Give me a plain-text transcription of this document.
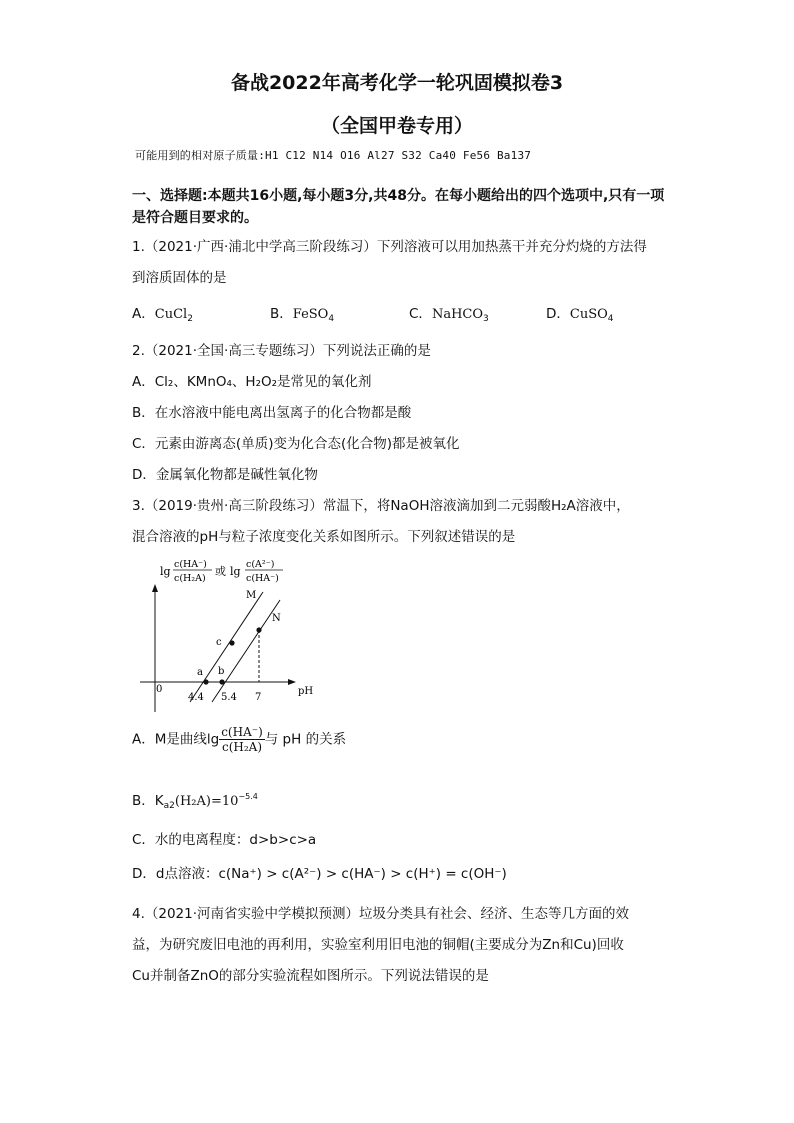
备战2022年高考化学一轮巩固模拟卷3
（全国甲卷专用）
可能用到的相对原子质量:H1 C12 N14 O16 Al27 S32 Ca40 Fe56 Ba137
一、选择题:本题共16小题,每小题3分,共48分。在每小题给出的四个选项中,只有一项是符合题目要求的。
1.（2021·广西·浦北中学高三阶段练习）下列溶液可以用加热蒸干并充分灼烧的方法得
到溶质固体的是
A．CuCl$_2$	B．FeSO$_4$	C．NaHCO$_3$	D．CuSO$_4$
2.（2021·全国·高三专题练习）下列说法正确的是
A．Cl₂、KMnO₄、H₂O₂是常见的氧化剂
B．在水溶液中能电离出氢离子的化合物都是酸
C．元素由游离态(单质)变为化合态(化合物)都是被氧化
D．金属氧化物都是碱性氧化物
3.（2019·贵州·高三阶段练习）常温下，将NaOH溶液滴加到二元弱酸H₂A溶液中，
混合溶液的pH与粒子浓度变化关系如图所示。下列叙述错误的是
lg
c(HA⁻)
c(H₂A)
或 lg
c(A²⁻)
c(HA⁻)
pH
0
M
N
a b
c
4.4 5.4 7
A．M是曲线$\lg \frac{c(HA^-)}{\text{c(H₂A)}}$ 与 pH 的关系
B．$K_{a2}(H_2A)=10^{-5.4}$
C．水的电离程度：d>b>c>a
D．d点溶液：c(Na⁺) > c(A²⁻) > c(HA⁻) > c(H⁺) = c(OH⁻)
4.（2021·河南省实验中学模拟预测）垃圾分类具有社会、经济、生态等几方面的效
益，为研究废旧电池的再利用，实验室利用旧电池的铜帽(主要成分为Zn和Cu)回收
Cu并制备ZnO的部分实验流程如图所示。下列说法错误的是
